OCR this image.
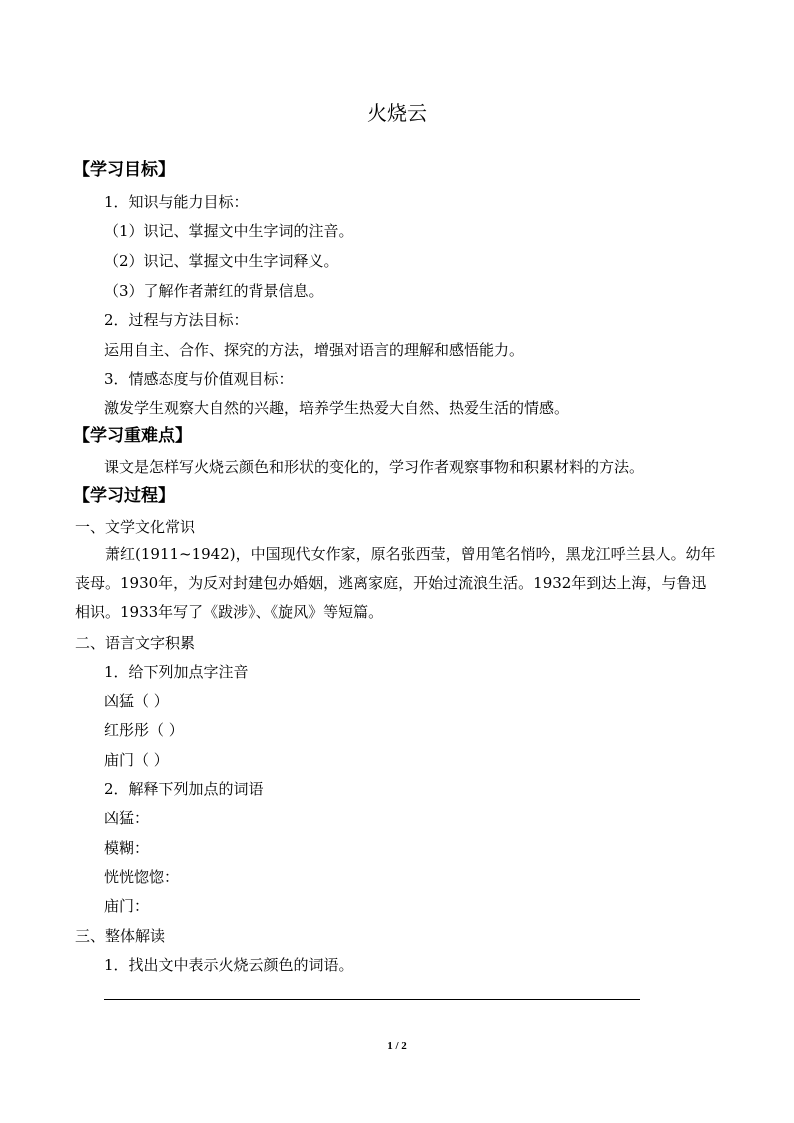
火烧云
【学习目标】
1．知识与能力目标：
（1）识记、掌握文中生字词的注音。
（2）识记、掌握文中生字词释义。
（3）了解作者萧红的背景信息。
2．过程与方法目标：
运用自主、合作、探究的方法，增强对语言的理解和感悟能力。
3．情感态度与价值观目标：
激发学生观察大自然的兴趣，培养学生热爱大自然、热爱生活的情感。
【学习重难点】
课文是怎样写火烧云颜色和形状的变化的，学习作者观察事物和积累材料的方法。
【学习过程】
一、文学文化常识
萧红(1911~1942)，中国现代女作家，原名张西莹，曾用笔名悄吟，黑龙江呼兰县人。幼年丧母。1930年，为反对封建包办婚姻，逃离家庭，开始过流浪生活。1932年到达上海，与鲁迅相识。1933年写了《跋涉》、《旋风》等短篇。
二、语言文字积累
1．给下列加点字注音
凶猛（ ）
红彤彤（ ）
庙门（ ）
2．解释下列加点的词语
凶猛：
模糊：
恍恍惚惚：
庙门：
三、整体解读
1．找出文中表示火烧云颜色的词语。
1 / 2
